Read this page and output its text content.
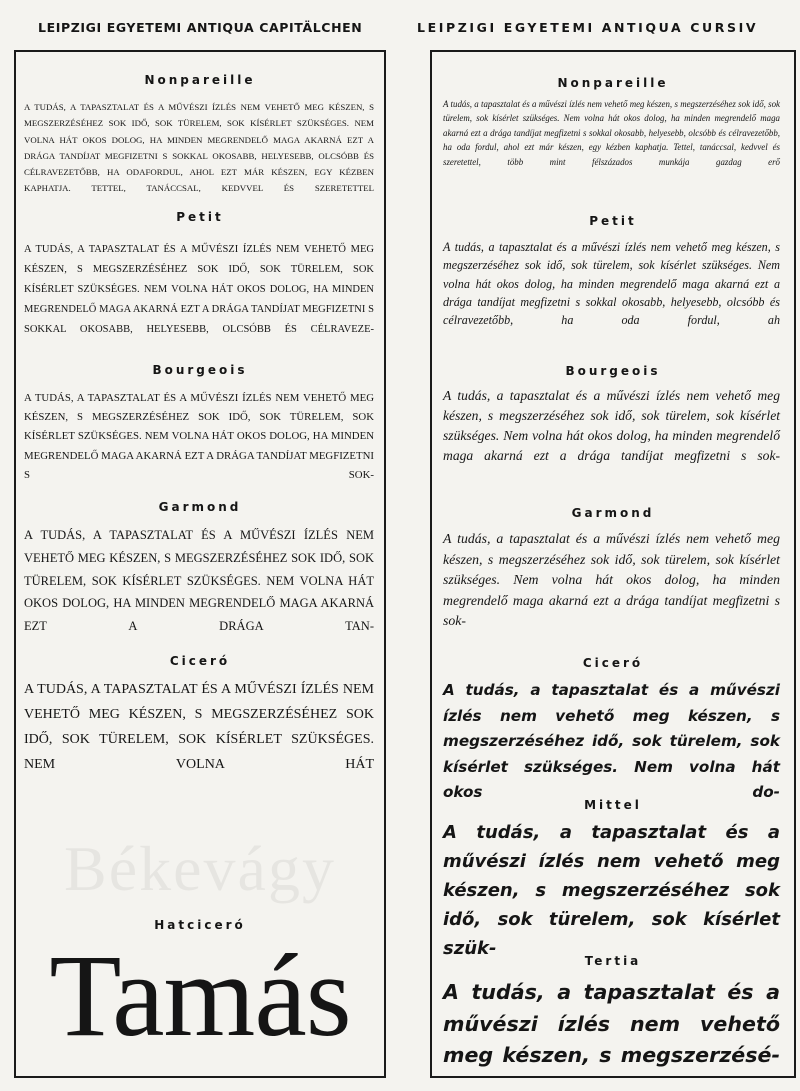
LEIPZIGI EGYETEMI ANTIQUA CAPITÄLCHEN	LEIPZIGI EGYETEMI ANTIQUA CURSIV
Békevágy

Nonpareille

A TUDÁS, A TAPASZTALAT ÉS A MŰVÉSZI ÍZLÉS NEM VEHETŐ MEG KÉSZEN, S MEGSZERZÉSÉHEZ SOK IDŐ, SOK TÜRELEM, SOK KÍSÉRLET SZÜKSÉGES. NEM VOLNA HÁT OKOS DOLOG, HA MINDEN MEGRENDELŐ MAGA AKARNÁ EZT A DRÁGA TANDÍJAT MEGFIZETNI S SOKKAL OKOSABB, HELYESEBB, OLCSÓBB ÉS CÉLRAVEZETŐBB, HA ODAFORDUL, AHOL EZT MÁR KÉSZEN, EGY KÉZBEN KAPHATJA. TETTEL, TANÁCCSAL, KEDVVEL ÉS SZERETETTEL

Petit

A TUDÁS, A TAPASZTALAT ÉS A MŰVÉSZI ÍZLÉS NEM VEHETŐ MEG KÉSZEN, S MEGSZERZÉSÉHEZ SOK IDŐ, SOK TÜRELEM, SOK KÍSÉRLET SZÜKSÉGES. NEM VOLNA HÁT OKOS DOLOG, HA MINDEN MEGRENDELŐ MAGA AKARNÁ EZT A DRÁGA TANDÍJAT MEGFIZETNI S SOKKAL OKOSABB, HELYESEBB, OLCSÓBB ÉS CÉLRAVEZE-

Bourgeois

A TUDÁS, A TAPASZTALAT ÉS A MŰVÉSZI ÍZLÉS NEM VEHETŐ MEG KÉSZEN, S MEGSZERZÉSÉHEZ SOK IDŐ, SOK TÜRELEM, SOK KÍSÉRLET SZÜKSÉGES. NEM VOLNA HÁT OKOS DOLOG, HA MINDEN MEGRENDELŐ MAGA AKARNÁ EZT A DRÁGA TANDÍJAT MEGFIZETNI S SOK-

Garmond

A TUDÁS, A TAPASZTALAT ÉS A MŰVÉSZI ÍZLÉS NEM VEHETŐ MEG KÉSZEN, S MEGSZERZÉSÉHEZ SOK IDŐ, SOK TÜRELEM, SOK KÍSÉRLET SZÜKSÉGES. NEM VOLNA HÁT OKOS DOLOG, HA MINDEN MEGRENDELŐ MAGA AKARNÁ EZT A DRÁGA TAN-

Ciceró

A TUDÁS, A TAPASZTALAT ÉS A MŰVÉSZI ÍZLÉS NEM VEHETŐ MEG KÉSZEN, S MEGSZERZÉSÉHEZ SOK IDŐ, SOK TÜRELEM, SOK KÍSÉRLET SZÜKSÉGES. NEM VOLNA HÁT

Hatciceró

Tamás

Nonpareille

A tudás, a tapasztalat és a művészi ízlés nem vehető meg készen, s megszerzéséhez sok idő, sok türelem, sok kísérlet szükséges. Nem volna hát okos dolog, ha minden megrendelő maga akarná ezt a drága tandíjat megfizetni s sokkal okosabb, helyesebb, olcsóbb és célravezetőbb, ha oda fordul, ahol ezt már készen, egy kézben kaphatja. Tettel, tanáccsal, kedvvel és szeretettel, több mint félszázados munkája gazdag erő

Petit

A tudás, a tapasztalat és a művészi ízlés nem vehető meg készen, s megszerzéséhez sok idő, sok türelem, sok kísérlet szükséges. Nem volna hát okos dolog, ha minden megrendelő maga akarná ezt a drága tandíjat megfizetni s sokkal okosabb, helyesebb, olcsóbb és célravezetőbb, ha oda fordul, ah

Bourgeois

A tudás, a tapasztalat és a művészi ízlés nem vehető meg készen, s megszerzéséhez sok idő, sok türelem, sok kísérlet szükséges. Nem volna hát okos dolog, ha minden megrendelő maga akarná ezt a drága tandíjat megfizetni s sok-

Garmond

A tudás, a tapasztalat és a művészi ízlés nem vehető meg készen, s megszerzéséhez sok idő, sok türelem, sok kísérlet szükséges. Nem volna hát okos dolog, ha minden megrendelő maga akarná ezt a drága tandíjat megfizetni s sok-

Ciceró

A tudás, a tapasztalat és a művészi ízlés nem vehető meg készen, s megszerzéséhez idő, sok türelem, sok kísérlet szükséges. Nem volna hát okos do-

Mittel

A tudás, a tapasztalat és a művészi ízlés nem vehető meg készen, s megszerzéséhez sok idő, sok türelem, sok kísérlet szük-

Tertia

A tudás, a tapasztalat és a művészi ízlés nem vehető meg készen, s megszerzésé-
